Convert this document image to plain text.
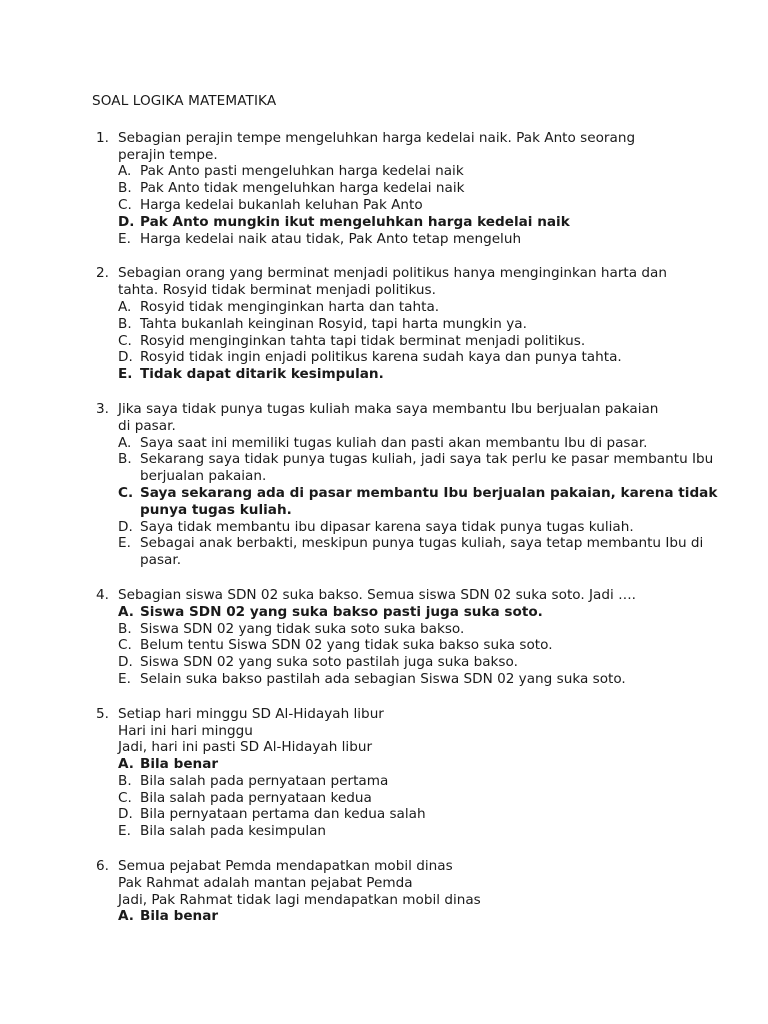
SOAL LOGIKA MATEMATIKA
1. Sebagian perajin tempe mengeluhkan harga kedelai naik. Pak Anto seorang
perajin tempe.
A. Pak Anto pasti mengeluhkan harga kedelai naik
B. Pak Anto tidak mengeluhkan harga kedelai naik
C. Harga kedelai bukanlah keluhan Pak Anto
D. Pak Anto mungkin ikut mengeluhkan harga kedelai naik
E. Harga kedelai naik atau tidak, Pak Anto tetap mengeluh
2. Sebagian orang yang berminat menjadi politikus hanya menginginkan harta dan
tahta. Rosyid tidak berminat menjadi politikus.
A. Rosyid tidak menginginkan harta dan tahta.
B. Tahta bukanlah keinginan Rosyid, tapi harta mungkin ya.
C. Rosyid menginginkan tahta tapi tidak berminat menjadi politikus.
D. Rosyid tidak ingin enjadi politikus karena sudah kaya dan punya tahta.
E. Tidak dapat ditarik kesimpulan.
3. Jika saya tidak punya tugas kuliah maka saya membantu Ibu berjualan pakaian
di pasar.
A. Saya saat ini memiliki tugas kuliah dan pasti akan membantu Ibu di pasar.
B. Sekarang saya tidak punya tugas kuliah, jadi saya tak perlu ke pasar membantu Ibu berjualan pakaian.
C. Saya sekarang ada di pasar membantu Ibu berjualan pakaian, karena tidak punya tugas kuliah.
D. Saya tidak membantu ibu dipasar karena saya tidak punya tugas kuliah.
E. Sebagai anak berbakti, meskipun punya tugas kuliah, saya tetap membantu Ibu di pasar.
4. Sebagian siswa SDN 02 suka bakso. Semua siswa SDN 02 suka soto. Jadi ….
A. Siswa SDN 02 yang suka bakso pasti juga suka soto.
B. Siswa SDN 02 yang tidak suka soto suka bakso.
C. Belum tentu Siswa SDN 02 yang tidak suka bakso suka soto.
D. Siswa SDN 02 yang suka soto pastilah juga suka bakso.
E. Selain suka bakso pastilah ada sebagian Siswa SDN 02 yang suka soto.
5. Setiap hari minggu SD Al-Hidayah libur
Hari ini hari minggu
Jadi, hari ini pasti SD Al-Hidayah libur
A. Bila benar
B. Bila salah pada pernyataan pertama
C. Bila salah pada pernyataan kedua
D. Bila pernyataan pertama dan kedua salah
E. Bila salah pada kesimpulan
6. Semua pejabat Pemda mendapatkan mobil dinas
Pak Rahmat adalah mantan pejabat Pemda
Jadi, Pak Rahmat tidak lagi mendapatkan mobil dinas
A. Bila benar
